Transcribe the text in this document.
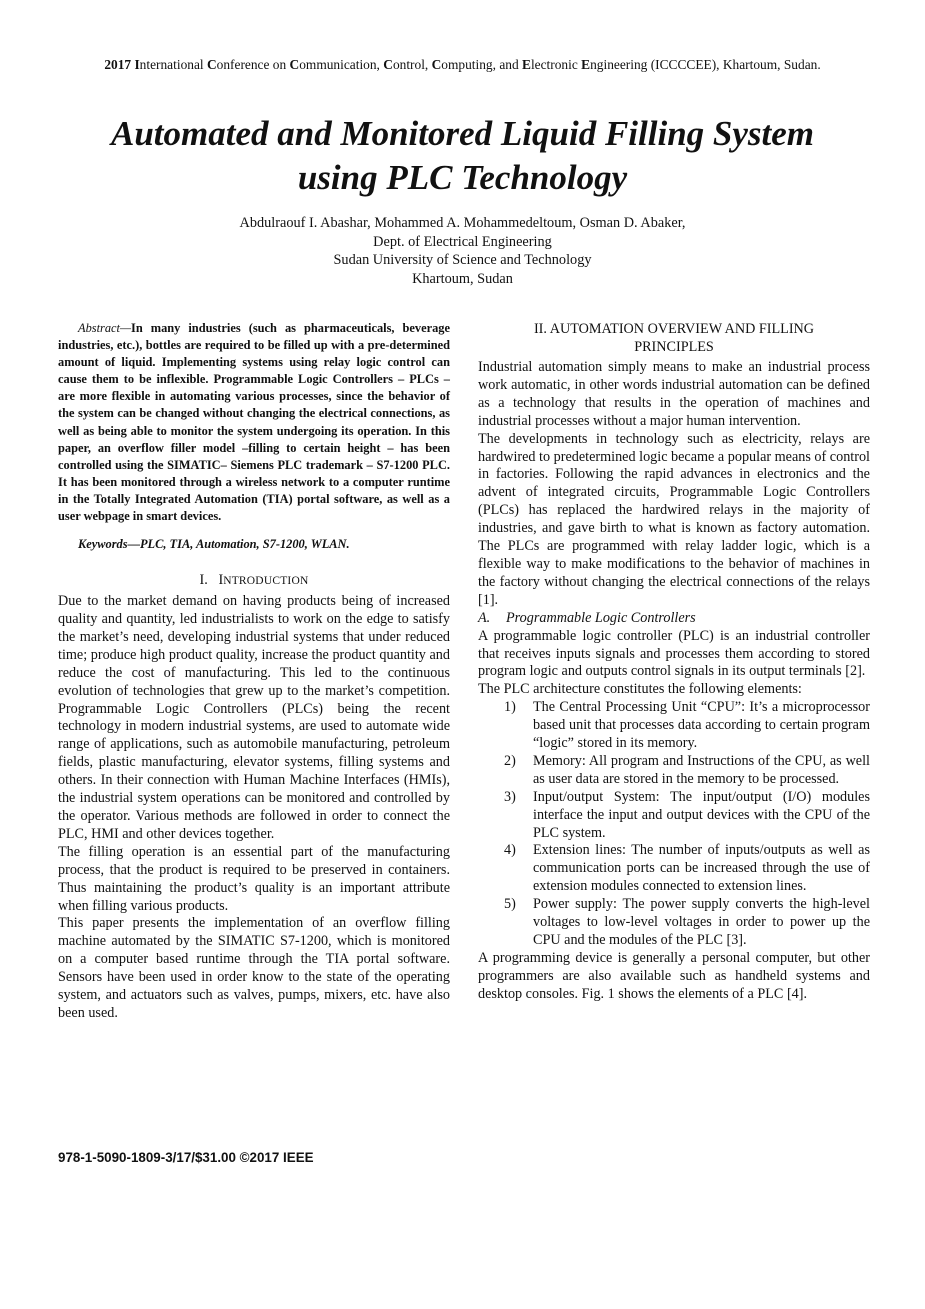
2017 International Conference on Communication, Control, Computing, and Electronic Engineering (ICCCCEE), Khartoum, Sudan.
Automated and Monitored Liquid Filling System
using PLC Technology
Abdulraouf I. Abashar, Mohammed A. Mohammedeltoum, Osman D. Abaker,
Dept. of Electrical Engineering
Sudan University of Science and Technology
Khartoum, Sudan

Abstract—In many industries (such as pharmaceuticals, beverage industries, etc.), bottles are required to be filled up with a pre-determined amount of liquid. Implementing systems using relay logic control can cause them to be inflexible. Programmable Logic Controllers – PLCs – are more flexible in automating various processes, since the behavior of the system can be changed without changing the electrical connections, as well as being able to monitor the system undergoing its operation. In this paper, an overflow filler model –filling to certain height – has been controlled using the SIMATIC– Siemens PLC trademark – S7-1200 PLC. It has been monitored through a wireless network to a computer runtime in the Totally Integrated Automation (TIA) portal software, as well as a user webpage in smart devices.

Keywords—PLC, TIA, Automation, S7-1200, WLAN.

I. INTRODUCTION

Due to the market demand on having products being of increased quality and quantity, led industrialists to work on the edge to satisfy the market’s need, developing industrial systems that under reduced time; produce high product quality, increase the product quantity and reduce the cost of manufacturing. This led to the continuous evolution of technologies that grew up to the market’s competition. Programmable Logic Controllers (PLCs) being the recent technology in modern industrial systems, are used to automate wide range of applications, such as automobile manufacturing, petroleum fields, plastic manufacturing, elevator systems, filling systems and others. In their connection with Human Machine Interfaces (HMIs), the industrial system operations can be monitored and controlled by the operator. Various methods are followed in order to connect the PLC, HMI and other devices together.

The filling operation is an essential part of the manufacturing process, that the product is required to be preserved in containers. Thus maintaining the product’s quality is an important attribute when filling various products.

This paper presents the implementation of an overflow filling machine automated by the SIMATIC S7-1200, which is monitored on a computer based runtime through the TIA portal software. Sensors have been used in order know to the state of the operating system, and actuators such as valves, pumps, mixers, etc. have also been used.

II. AUTOMATION OVERVIEW AND FILLING
PRINCIPLES

Industrial automation simply means to make an industrial process work automatic, in other words industrial automation can be defined as a technology that results in the operation of machines and industrial processes without a major human intervention.

The developments in technology such as electricity, relays are hardwired to predetermined logic became a popular means of control in factories. Following the rapid advances in electronics and the advent of integrated circuits, Programmable Logic Controllers (PLCs) has replaced the hardwired relays in the majority of industries, and gave birth to what is known as factory automation. The PLCs are programmed with relay ladder logic, which is a flexible way to make modifications to the behavior of machines in the factory without changing the electrical connections of the relays [1].

A. Programmable Logic Controllers

A programmable logic controller (PLC) is an industrial controller that receives inputs signals and processes them according to stored program logic and outputs control signals in its output terminals [2].

The PLC architecture constitutes the following elements:

1) The Central Processing Unit “CPU”: It’s a microprocessor based unit that processes data according to certain program “logic” stored in its memory.
2) Memory: All program and Instructions of the CPU, as well as user data are stored in the memory to be processed.
3) Input/output System: The input/output (I/O) modules interface the input and output devices with the CPU of the PLC system.
4) Extension lines: The number of inputs/outputs as well as communication ports can be increased through the use of extension modules connected to extension lines.
5) Power supply: The power supply converts the high-level voltages to low-level voltages in order to power up the CPU and the modules of the PLC [3].

A programming device is generally a personal computer, but other programmers are also available such as handheld systems and desktop consoles. Fig. 1 shows the elements of a PLC [4].

978-1-5090-1809-3/17/$31.00 ©2017 IEEE
